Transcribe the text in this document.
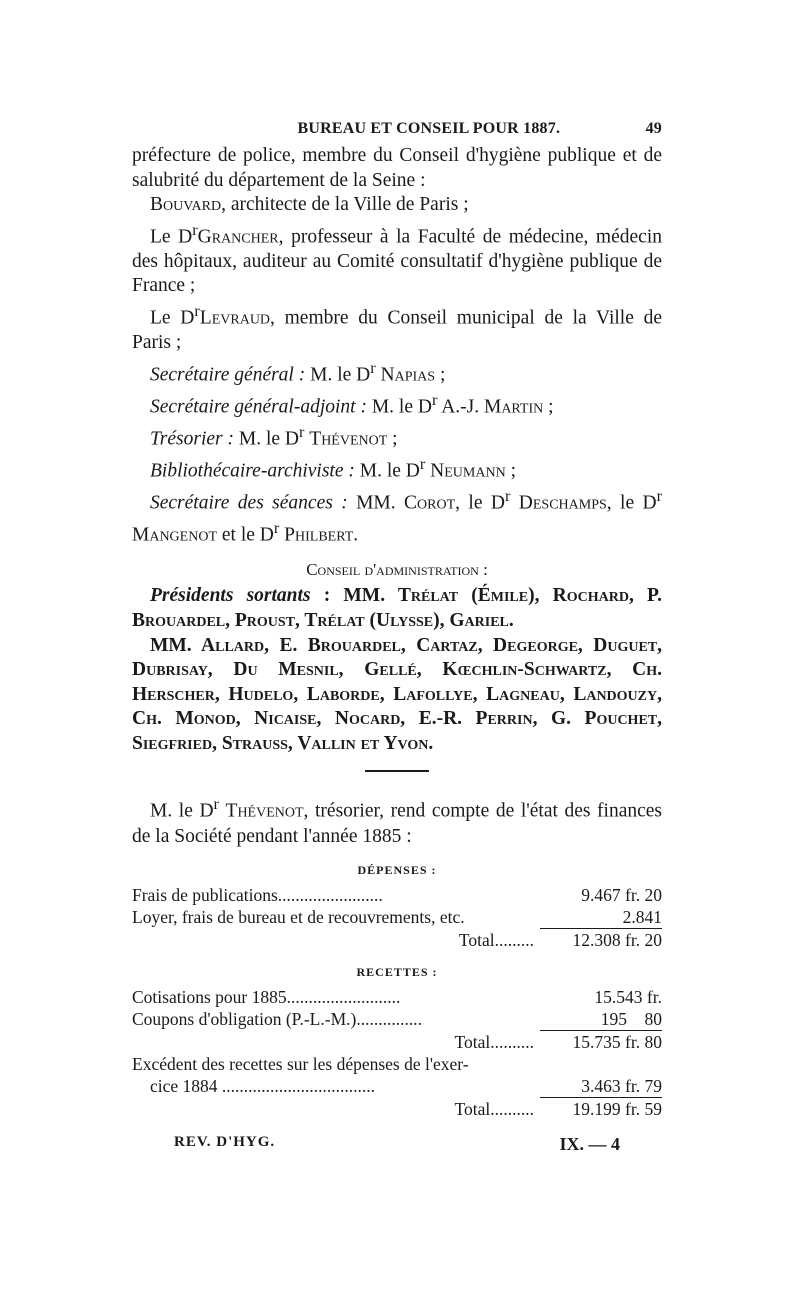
BUREAU ET CONSEIL POUR 1887.	49

préfecture de police, membre du Conseil d'hygiène publique et de salubrité du département de la Seine :

Bouvard, architecte de la Ville de Paris ;

Le $D^rGrancher$, professeur à la Faculté de médecine, médecin des hôpitaux, auditeur au Comité consultatif d'hygiène publique de France ;

Le $D^rLevraud$, membre du Conseil municipal de la Ville de Paris ;

Secrétaire général : M. le $D^r$ Napias ;

Secrétaire général-adjoint : M. le $D^r$ A.-J. Martin ;

Trésorier : M. le $D^r$ Thévenot ;

Bibliothécaire-archiviste : M. le $D^r$ Neumann ;

Secrétaire des séances : MM. Corot, le $D^r$ Deschamps, le $D^r$ Mangenot et le $D^r$ Philbert.

Conseil d'administration :

Présidents sortants : MM. Trélat (Émile), Rochard, P. Brouardel, Proust, Trélat (Ulysse), Gariel.

MM. Allard, E. Brouardel, Cartaz, Degeorge, Duguet, Dubrisay, Du Mesnil, Gellé, Kœchlin-Schwartz, Ch. Herscher, Hudelo, Laborde, Lafollye, Lagneau, Landouzy, Ch. Monod, Nicaise, Nocard, E.-R. Perrin, G. Pouchet, Siegfried, Strauss, Vallin et Yvon.

M. le $D^r$ Thévenot, trésorier, rend compte de l'état des finances de la Société pendant l'année 1885 :

DÉPENSES :
Frais de publications........................	9.467 fr. 20
Loyer, frais de bureau et de recouvrements, etc.	2.841
Total.........	12.308 fr. 20
RECETTES :
Cotisations pour 1885..........................	15.543 fr.
Coupons d'obligation (P.-L.-M.)...............	195    80
Total..........	15.735 fr. 80
Excédent des recettes sur les dépenses de l'exer-
cice 1884 ...................................	3.463 fr. 79
Total..........	19.199 fr. 59
REV. D'HYG.	IX. — 4
